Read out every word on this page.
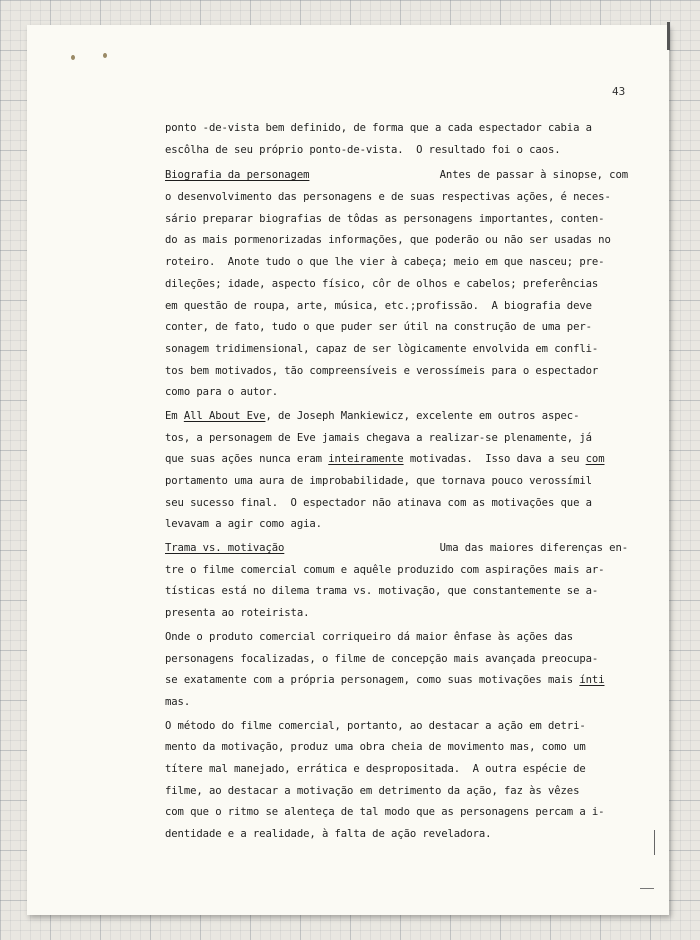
43

ponto -de-vista bem definido, de forma que a cada espectador cabia a
escôlha de seu próprio ponto-de-vista.  O resultado foi o caos.
Biografia da personagem	Antes de passar à sinopse, com
o desenvolvimento das personagens e de suas respectivas ações, é neces-
sário preparar biografias de tôdas as personagens importantes, conten-
do as mais pormenorizadas informações, que poderão ou não ser usadas no
roteiro.  Anote tudo o que lhe vier à cabeça; meio em que nasceu; pre-
dileções; idade, aspecto físico, côr de olhos e cabelos; preferências
em questão de roupa, arte, música, etc.;profissão.  A biografia deve
conter, de fato, tudo o que puder ser útil na construção de uma per-
sonagem tridimensional, capaz de ser lògicamente envolvida em confli-
tos bem motivados, tão compreensíveis e verossímeis para o espectador
como para o autor.
Em All About Eve, de Joseph Mankiewicz, excelente em outros aspec-
tos, a personagem de Eve jamais chegava a realizar-se plenamente, já
que suas ações nunca eram inteiramente motivadas.  Isso dava a seu com
portamento uma aura de improbabilidade, que tornava pouco verossímil
seu sucesso final.  O espectador não atinava com as motivações que a
levavam a agir como agia.
Trama vs. motivação	Uma das maiores diferenças en-
tre o filme comercial comum e aquêle produzido com aspirações mais ar-
tísticas está no dilema trama vs. motivação, que constantemente se a-
presenta ao roteirista.
Onde o produto comercial corriqueiro dá maior ênfase às ações das
personagens focalizadas, o filme de concepção mais avançada preocupa-
se exatamente com a própria personagem, como suas motivações mais ínti
mas.
O método do filme comercial, portanto, ao destacar a ação em detri-
mento da motivação, produz uma obra cheia de movimento mas, como um
títere mal manejado, errática e despropositada.  A outra espécie de
filme, ao destacar a motivação em detrimento da ação, faz às vêzes
com que o ritmo se alenteça de tal modo que as personagens percam a i-
dentidade e a realidade, à falta de ação reveladora.
